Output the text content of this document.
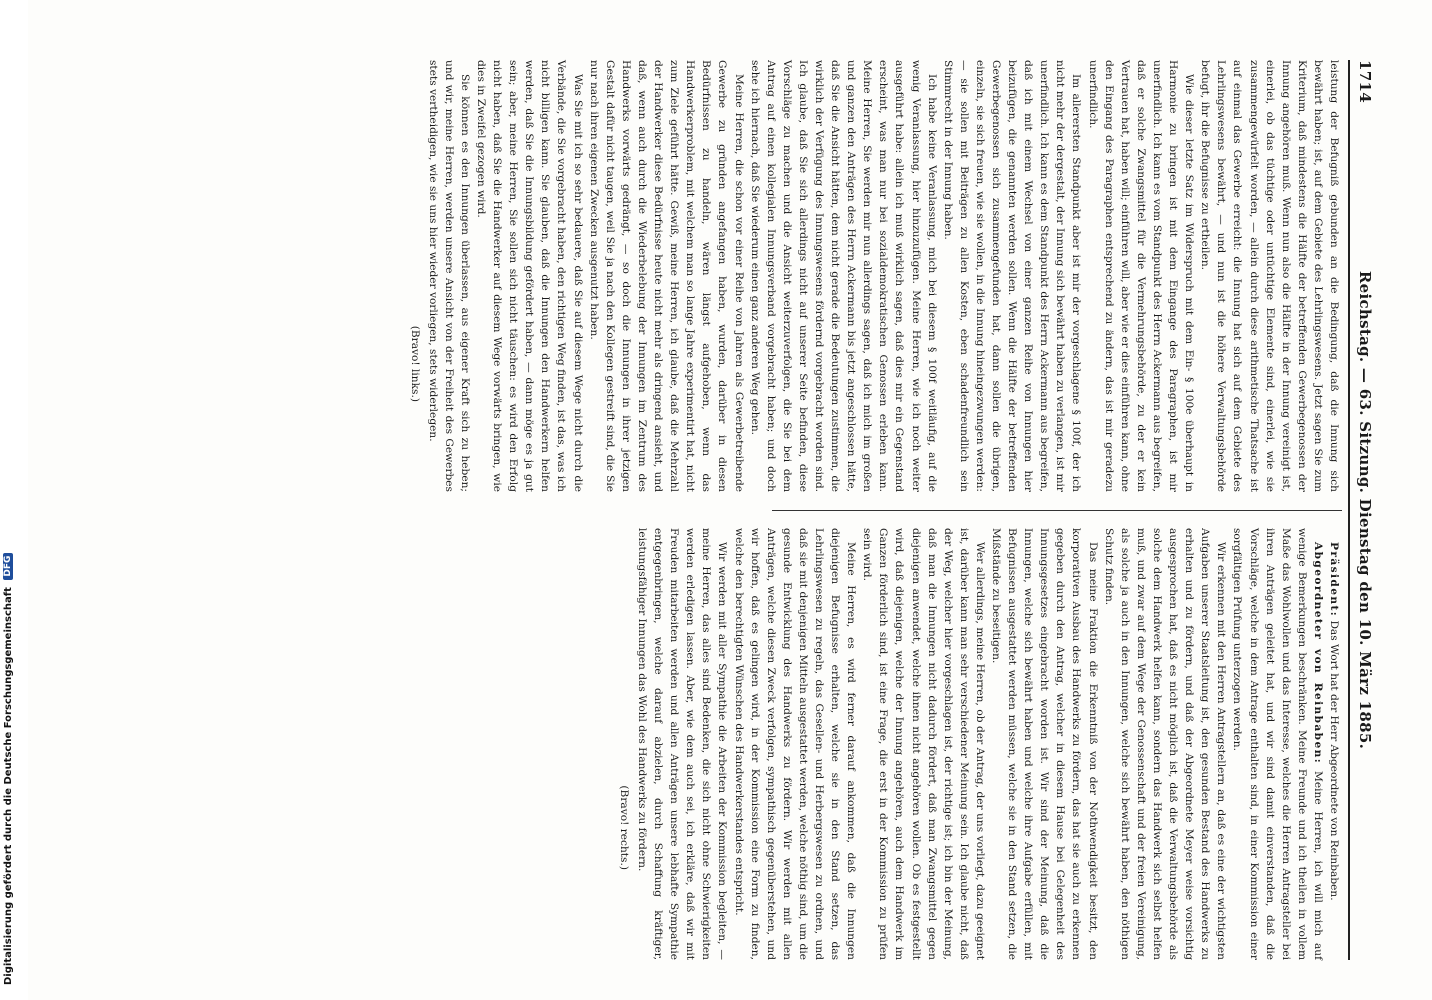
Digitalisierung gefördert durch die Deutsche Forschungsgemeinschaft DFG
1714
Reichstag. — 63. Sitzung. Dienstag den 10. März 1885.

leistung der Befugniß gebunden an die Bedingung, daß die Innung sich bewährt haben; ist, auf dem Gebiete des Lehrlingswesens. Jetzt sagen Sie zum Kriterium, daß mindestens die Hälfte der betreffenden Gewerbegenossen der Innung angehören muß. Wenn nun also die Hälfte in der Innung vereinigt ist, einerlei, ob das tüchtige oder untüchtige Elemente sind, einerlei, wie sie zusammengewürfelt worden, — allein durch diese arithmetische Thatsache ist auf einmal das Gewerbe erreicht: die Innung hat sich auf dem Gebiete des Lehrlingswesens bewährt, — und nun ist die höhere Verwaltungsbehörde befugt, ihr die Befugnisse zu ertheilen.

Wie dieser letzte Satz im Widerspruch mit dem Ein- § 100e überhaupt in Harmonie zu bringen ist mit dem Eingange des Paragraphen, ist mir unerfindlich. Ich kann es vom Standpunkt des Herrn Ackermann aus begreifen, daß er solche Zwangsmittel für die Vermehrungsbehörde, zu der er kein Vertrauen hat, haben will; einführen will, aber wie er dies einführen kann, ohne den Eingang des Paragraphen entsprechend zu ändern, das ist mir geradezu unerfindlich.

Im allerersten Standpunkt aber ist mir der vorgeschlagene § 100f, der ich nicht mehr der dergestalt, der Innung sich bewährt haben zu verlangen, ist mir unerfindlich. Ich kann es dem Standpunkt des Herrn Ackermann aus begreifen, daß ich mit einem Wechsel von einer ganzen Reihe von Innungen hier beizufügen, die genannten werden sollen. Wenn die Hälfte der betreffenden Gewerbegenossen sich zusammengefunden hat, dann sollen die übrigen, einzeln, sie sich freuen, wie sie wollen, in die Innung hineingezwungen werden: — sie sollen mit Beiträgen zu allen Kosten, eben schadenfreundlich sein Stimmrecht in der Innung haben.

Ich habe keine Veranlassung, mich bei diesem § 100f weitläufig, auf die wenig Veranlassung, hier hinzuzufügen. Meine Herren, wie ich noch weiter ausgeführt habe: allein ich muß wirklich sagen, daß dies mir ein Gegenstand erscheint, was man nur bei sozialdemokratischen Genossen erleben kann. Meine Herren, Sie werden mir nun allerdings sagen, daß ich mich im großen und ganzen den Anträgen des Herrn Ackermann bis jetzt angeschlossen hätte, daß Sie die Ansicht hätten, dem nicht gerade die Bedeutungen zustimmen, die wirklich der Verfügung des Innungswesens fördernd vorgebracht worden sind. Ich glaube, daß Sie sich allerdings nicht auf unserer Seite befinden, diese Vorschläge zu machen und die Ansicht weiterzuverfolgen, die Sie bei dem Antrag auf einen kollegialen Innungsverband vorgebracht haben; und doch sehe ich hiernach, daß Sie wiederum einen ganz anderen Weg gehen.

Meine Herren, die schon vor einer Reihe von Jahren als Gewerbetreibende Gewerbe zu gründen angefangen haben, wurden, darüber in diesen Bedürfnissen zu handeln, wären längst aufgehoben, wenn das Handwerkerproblem, mit welchem man so lange Jahre experimentirt hat, nicht zum Ziele geführt hätte. Gewiß, meine Herren, ich glaube, daß die Mehrzahl der Handwerker diese Bedürfnisse heute nicht mehr als dringend ansieht, und daß, wenn auch durch die Wiederbelebung der Innungen im Zentrum des Handwerks vorwärts gedrängt, — so doch die Innungen in ihrer jetzigen Gestalt dafür nicht taugen, weil Sie ja nach den Kollegen gestreift sind, die Sie nur nach ihren eigenen Zwecken ausgenutzt haben.

Was Sie mit ich so sehr bedauere, daß Sie auf diesem Wege nicht durch die Verbände, die Sie vorgebracht haben, den richtigen Weg finden, ist das, was ich nicht billigen kann. Sie glauben, daß die Innungen den Handwerkern helfen werden, daß Sie die Innungsbildung gefördert haben, — dann möge es ja gut sein; aber, meine Herren, Sie sollen sich nicht täuschen: es wird den Erfolg nicht haben, daß Sie die Handwerker auf diesem Wege vorwärts bringen, wie dies in Zweifel gezogen wird.

Sie können es den Innungen überlassen, aus eigener Kraft sich zu heben; und wir, meine Herren, werden unsere Ansicht von der Freiheit des Gewerbes stets vertheidigen, wie sie uns hier wieder vorliegen, stets widerlegen.

(Bravo! links.)

Präsident: Das Wort hat der Herr Abgeordnete von Reinbaben.

Abgeordneter von Reinbaben: Meine Herren, ich will mich auf wenige Bemerkungen beschränken. Meine Freunde und ich theilen in vollem Maße das Wohlwollen und das Interesse, welches die Herren Antragsteller bei ihren Anträgen geleitet hat, und wir sind damit einverstanden, daß die Vorschläge, welche in dem Antrage enthalten sind, in einer Kommission einer sorgfältigen Prüfung unterzogen werden.

Wir erkennen mit den Herren Antragstellern an, daß es eine der wichtigsten Aufgaben unserer Staatsleitung ist, den gesunden Bestand des Handwerks zu erhalten und zu fördern, und daß der Abgeordnete Meyer weise vorsichtig ausgesprochen hat, daß es nicht möglich ist, daß die Verwaltungsbehörde als solche dem Handwerk helfen kann, sondern das Handwerk sich selbst helfen muß, und zwar auf dem Wege der Genossenschaft und der freien Vereinigung, als solche ja auch in den Innungen, welche sich bewährt haben, den nöthigen Schutz finden.

Das meine Fraktion die Erkenntniß von der Nothwendigkeit besitzt, den korporativen Ausbau des Handwerks zu fördern, das hat sie auch zu erkennen gegeben durch den Antrag, welcher in diesem Hause bei Gelegenheit des Innungsgesetzes eingebracht worden ist. Wir sind der Meinung, daß die Innungen, welche sich bewährt haben und welche ihre Aufgabe erfüllen, mit Befugnissen ausgestattet werden müssen, welche sie in den Stand setzen, die Mißstände zu beseitigen.

Wer allerdings, meine Herren, ob der Antrag, der uns vorliegt, dazu geeignet ist, darüber kann man sehr verschiedener Meinung sein. Ich glaube nicht, daß der Weg, welcher hier vorgeschlagen ist, der richtige ist; ich bin der Meinung, daß man die Innungen nicht dadurch fördert, daß man Zwangsmittel gegen diejenigen anwendet, welche ihnen nicht angehören wollen. Ob es festgestellt wird, daß diejenigen, welche der Innung angehören, auch dem Handwerk im Ganzen förderlich sind, ist eine Frage, die erst in der Kommission zu prüfen sein wird.

Meine Herren, es wird ferner darauf ankommen, daß die Innungen diejenigen Befugnisse erhalten, welche sie in den Stand setzen, das Lehrlingswesen zu regeln, das Gesellen- und Herbergswesen zu ordnen, und daß sie mit denjenigen Mitteln ausgestattet werden, welche nöthig sind, um die gesunde Entwicklung des Handwerks zu fördern. Wir werden mit allen Anträgen, welche diesen Zweck verfolgen, sympathisch gegenüberstehen, und wir hoffen, daß es gelingen wird, in der Kommission eine Form zu finden, welche den berechtigten Wünschen des Handwerkerstandes entspricht.

Wir werden mit aller Sympathie die Arbeiten der Kommission begleiten, — meine Herren, das alles sind Bedenken, die sich nicht ohne Schwierigkeiten werden erledigen lassen. Aber, wie dem auch sei, ich erkläre, daß wir mit Freuden mitarbeiten werden und allen Anträgen unsere lebhafte Sympathie entgegenbringen, welche darauf abzielen, durch Schaffung kräftiger, leistungsfähiger Innungen das Wohl des Handwerks zu fördern.

(Bravo! rechts.)
